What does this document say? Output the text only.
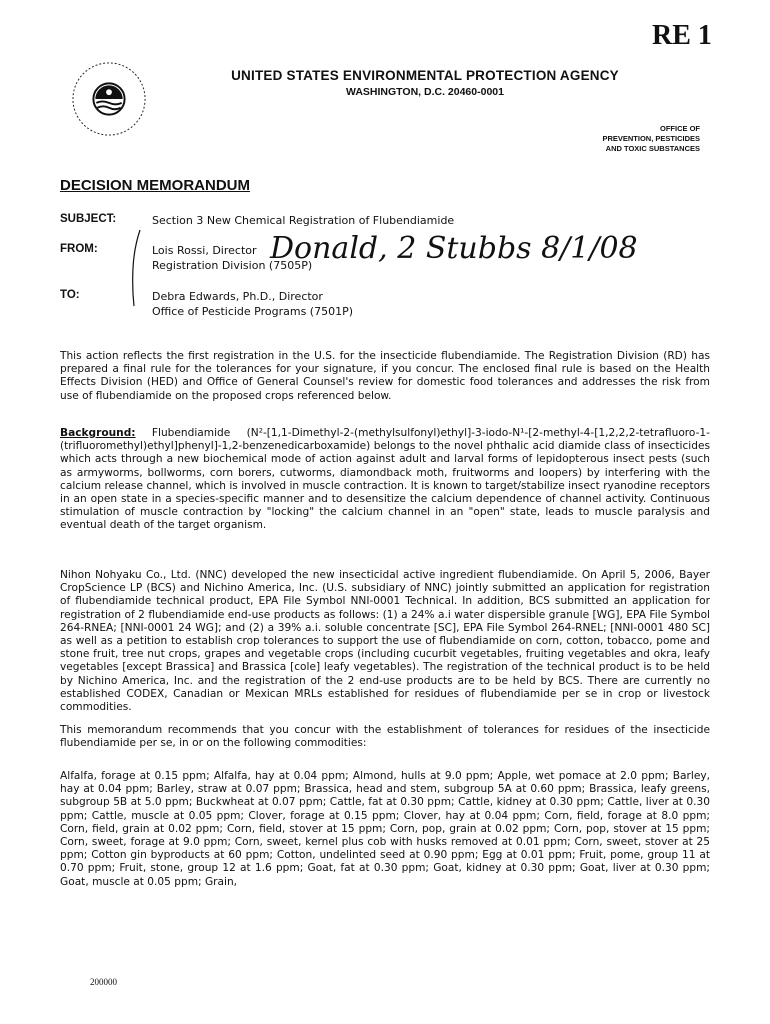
RE 1
UNITED STATES ENVIRONMENTAL PROTECTION AGENCY
WASHINGTON, D.C. 20460-0001
OFFICE OF
PREVENTION, PESTICIDES
AND TOXIC SUBSTANCES
DECISION MEMORANDUM
SUBJECT:	Section 3 New Chemical Registration of Flubendiamide
FROM:	Lois Rossi, Director
Registration Division (7505P)
Donald, 2 Stubbs 8/1/08
TO:	Debra Edwards, Ph.D., Director
Office of Pesticide Programs (7501P)
This action reflects the first registration in the U.S. for the insecticide flubendiamide. The Registration Division (RD) has prepared a final rule for the tolerances for your signature, if you concur. The enclosed final rule is based on the Health Effects Division (HED) and Office of General Counsel's review for domestic food tolerances and addresses the risk from use of flubendiamide on the proposed crops referenced below.
Background: Flubendiamide (N²-[1,1-Dimethyl-2-(methylsulfonyl)ethyl]-3-iodo-N¹-[2-methyl-4-[1,2,2,2-tetrafluoro-1-(trifluoromethyl)ethyl]phenyl]-1,2-benzenedicarboxamide) belongs to the novel phthalic acid diamide class of insecticides which acts through a new biochemical mode of action against adult and larval forms of lepidopterous insect pests (such as armyworms, bollworms, corn borers, cutworms, diamondback moth, fruitworms and loopers) by interfering with the calcium release channel, which is involved in muscle contraction. It is known to target/stabilize insect ryanodine receptors in an open state in a species-specific manner and to desensitize the calcium dependence of channel activity. Continuous stimulation of muscle contraction by "locking" the calcium channel in an "open" state, leads to muscle paralysis and eventual death of the target organism.
Nihon Nohyaku Co., Ltd. (NNC) developed the new insecticidal active ingredient flubendiamide. On April 5, 2006, Bayer CropScience LP (BCS) and Nichino America, Inc. (U.S. subsidiary of NNC) jointly submitted an application for registration of flubendiamide technical product, EPA File Symbol NNI-0001 Technical. In addition, BCS submitted an application for registration of 2 flubendiamide end-use products as follows: (1) a 24% a.i water dispersible granule [WG], EPA File Symbol 264-RNEA; [NNI-0001 24 WG]; and (2) a 39% a.i. soluble concentrate [SC], EPA File Symbol 264-RNEL; [NNI-0001 480 SC] as well as a petition to establish crop tolerances to support the use of flubendiamide on corn, cotton, tobacco, pome and stone fruit, tree nut crops, grapes and vegetable crops (including cucurbit vegetables, fruiting vegetables and okra, leafy vegetables [except Brassica] and Brassica [cole] leafy vegetables). The registration of the technical product is to be held by Nichino America, Inc. and the registration of the 2 end-use products are to be held by BCS. There are currently no established CODEX, Canadian or Mexican MRLs established for residues of flubendiamide per se in crop or livestock commodities.
This memorandum recommends that you concur with the establishment of tolerances for residues of the insecticide flubendiamide per se, in or on the following commodities:
Alfalfa, forage at 0.15 ppm; Alfalfa, hay at 0.04 ppm; Almond, hulls at 9.0 ppm; Apple, wet pomace at 2.0 ppm; Barley, hay at 0.04 ppm; Barley, straw at 0.07 ppm; Brassica, head and stem, subgroup 5A at 0.60 ppm; Brassica, leafy greens, subgroup 5B at 5.0 ppm; Buckwheat at 0.07 ppm; Cattle, fat at 0.30 ppm; Cattle, kidney at 0.30 ppm; Cattle, liver at 0.30 ppm; Cattle, muscle at 0.05 ppm; Clover, forage at 0.15 ppm; Clover, hay at 0.04 ppm; Corn, field, forage at 8.0 ppm; Corn, field, grain at 0.02 ppm; Corn, field, stover at 15 ppm; Corn, pop, grain at 0.02 ppm; Corn, pop, stover at 15 ppm; Corn, sweet, forage at 9.0 ppm; Corn, sweet, kernel plus cob with husks removed at 0.01 ppm; Corn, sweet, stover at 25 ppm; Cotton gin byproducts at 60 ppm; Cotton, undelinted seed at 0.90 ppm; Egg at 0.01 ppm; Fruit, pome, group 11 at 0.70 ppm; Fruit, stone, group 12 at 1.6 ppm; Goat, fat at 0.30 ppm; Goat, kidney at 0.30 ppm; Goat, liver at 0.30 ppm; Goat, muscle at 0.05 ppm; Grain,
200000
